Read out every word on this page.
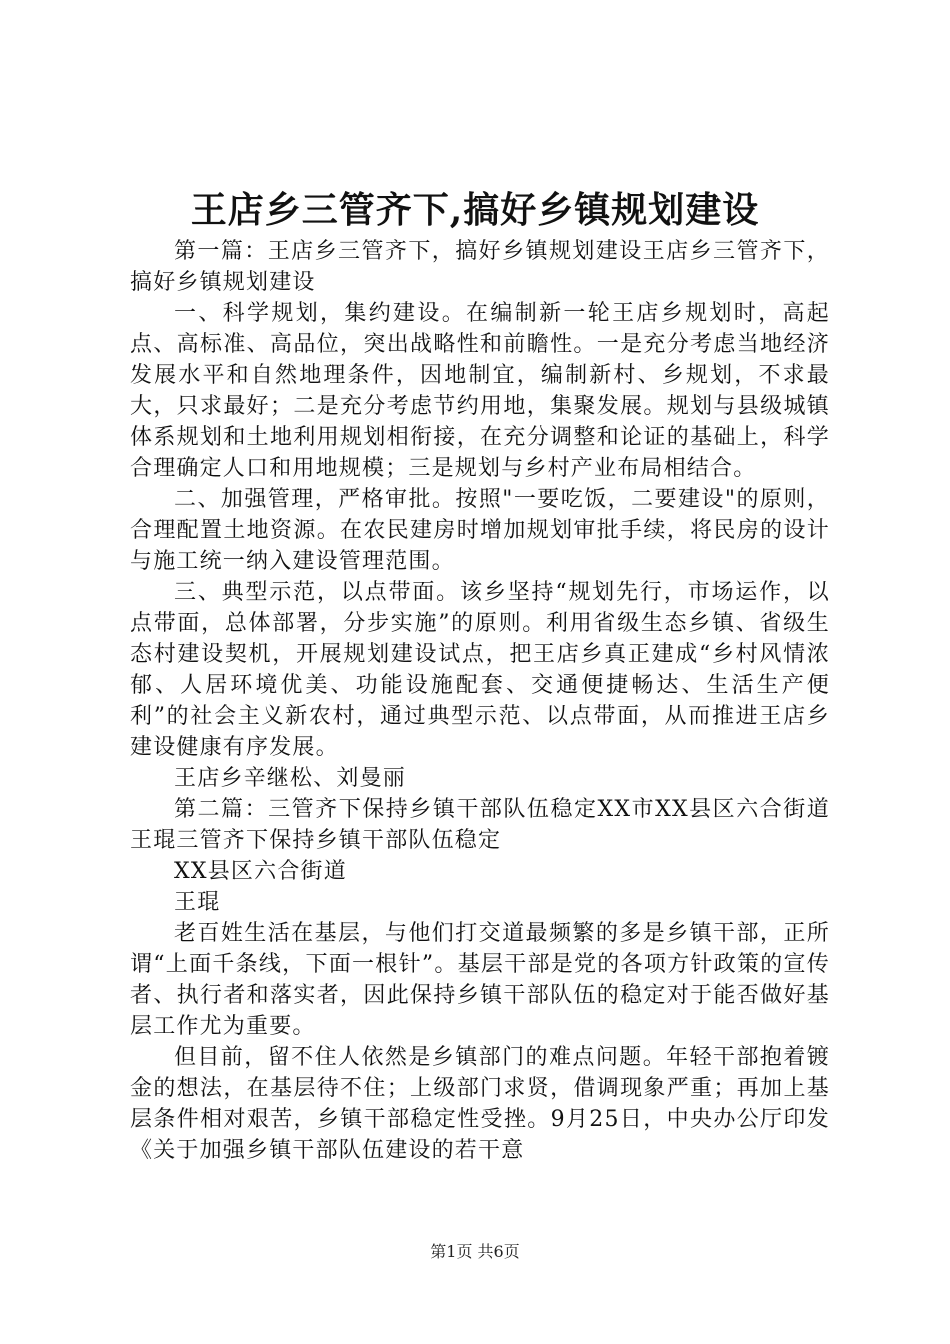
王店乡三管齐下,搞好乡镇规划建设

第一篇：王店乡三管齐下，搞好乡镇规划建设王店乡三管齐下，搞好乡镇规划建设

一、科学规划，集约建设。在编制新一轮王店乡规划时，高起点、高标准、高品位，突出战略性和前瞻性。一是充分考虑当地经济发展水平和自然地理条件，因地制宜，编制新村、乡规划，不求最大，只求最好；二是充分考虑节约用地，集聚发展。规划与县级城镇体系规划和土地利用规划相衔接，在充分调整和论证的基础上，科学合理确定人口和用地规模；三是规划与乡村产业布局相结合。

二、加强管理，严格审批。按照"一要吃饭，二要建设"的原则，合理配置土地资源。在农民建房时增加规划审批手续，将民房的设计与施工统一纳入建设管理范围。

三、典型示范，以点带面。该乡坚持“规划先行，市场运作，以点带面，总体部署，分步实施”的原则。利用省级生态乡镇、省级生态村建设契机，开展规划建设试点，把王店乡真正建成“乡村风情浓郁、人居环境优美、功能设施配套、交通便捷畅达、生活生产便利”的社会主义新农村，通过典型示范、以点带面，从而推进王店乡建设健康有序发展。

王店乡辛继松、刘曼丽

第二篇：三管齐下保持乡镇干部队伍稳定XX市XX县区六合街道王琨三管齐下保持乡镇干部队伍稳定

XX县区六合街道

王琨

老百姓生活在基层，与他们打交道最频繁的多是乡镇干部，正所谓“上面千条线，下面一根针”。基层干部是党的各项方针政策的宣传者、执行者和落实者，因此保持乡镇干部队伍的稳定对于能否做好基层工作尤为重要。

但目前，留不住人依然是乡镇部门的难点问题。年轻干部抱着镀金的想法，在基层待不住；上级部门求贤，借调现象严重；再加上基层条件相对艰苦，乡镇干部稳定性受挫。9月25日，中央办公厅印发《关于加强乡镇干部队伍建设的若干意

第1页 共6页
